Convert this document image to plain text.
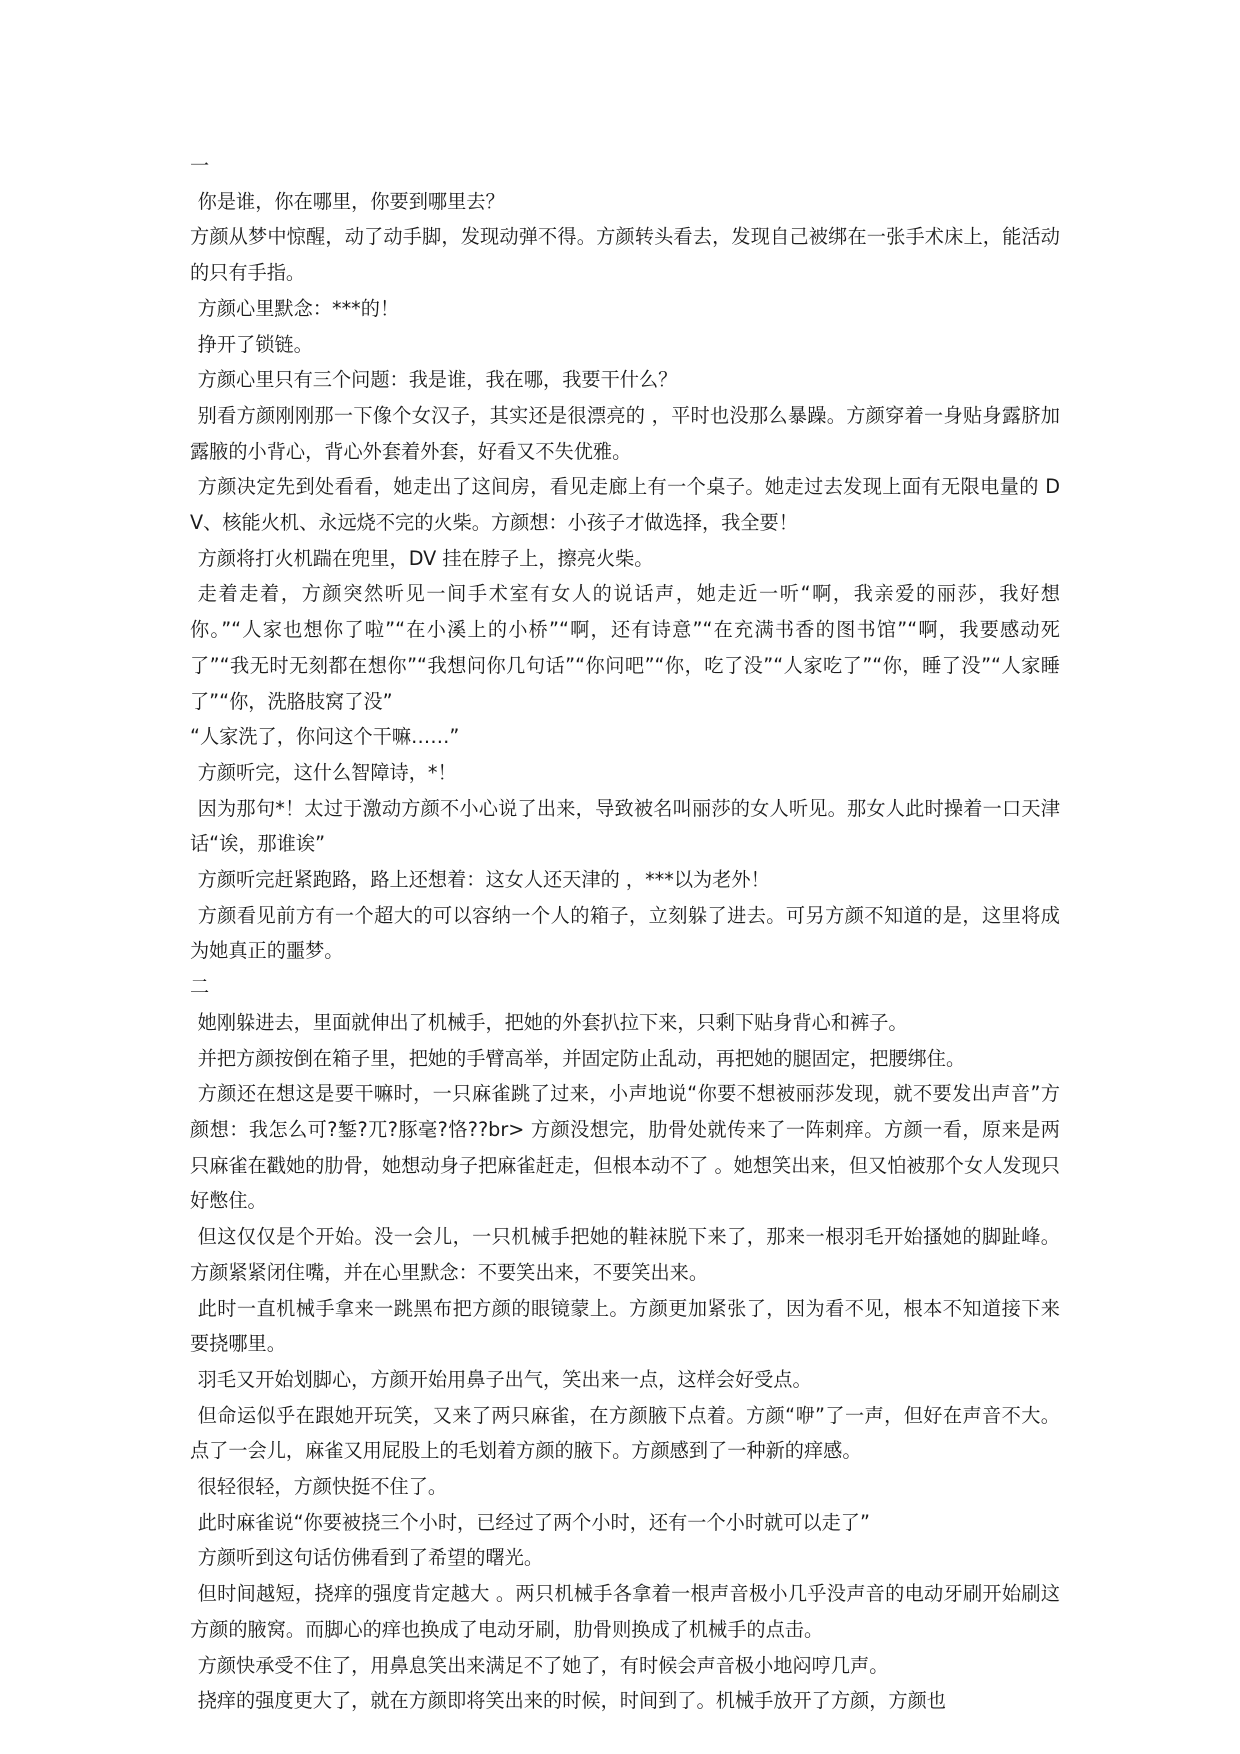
一

你是谁，你在哪里，你要到哪里去？

方颜从梦中惊醒，动了动手脚，发现动弹不得。方颜转头看去，发现自己被绑在一张手术床上，能活动的只有手指。

方颜心里默念：***的！

挣开了锁链。

方颜心里只有三个问题：我是谁，我在哪，我要干什么？

别看方颜刚刚那一下像个女汉子，其实还是很漂亮的 ，平时也没那么暴躁。方颜穿着一身贴身露脐加露腋的小背心，背心外套着外套，好看又不失优雅。

方颜决定先到处看看，她走出了这间房，看见走廊上有一个桌子。她走过去发现上面有无限电量的 DV、核能火机、永远烧不完的火柴。方颜想：小孩子才做选择，我全要！

方颜将打火机踹在兜里，DV 挂在脖子上，擦亮火柴。

走着走着，方颜突然听见一间手术室有女人的说话声，她走近一听“啊，我亲爱的丽莎，我好想你。”“人家也想你了啦”“在小溪上的小桥”“啊，还有诗意”“在充满书香的图书馆”“啊，我要感动死了”“我无时无刻都在想你”“我想问你几句话”“你问吧”“你，吃了没”“人家吃了”“你，睡了没”“人家睡了”“你，洗胳肢窝了没”

“人家洗了，你问这个干嘛……”

方颜听完，这什么智障诗，*！

因为那句*！太过于激动方颜不小心说了出来，导致被名叫丽莎的女人听见。那女人此时操着一口天津话“诶，那谁诶”

方颜听完赶紧跑路，路上还想着：这女人还天津的 ，***以为老外！

方颜看见前方有一个超大的可以容纳一个人的箱子，立刻躲了进去。可另方颜不知道的是，这里将成为她真正的噩梦。

二

她刚躲进去，里面就伸出了机械手，把她的外套扒拉下来，只剩下贴身背心和裤子。

并把方颜按倒在箱子里，把她的手臂高举，并固定防止乱动，再把她的腿固定，把腰绑住。

方颜还在想这是要干嘛时，一只麻雀跳了过来，小声地说“你要不想被丽莎发现，就不要发出声音”方颜想：我怎么可?錾?兀?豚毫?恪??br> 方颜没想完，肋骨处就传来了一阵刺痒。方颜一看，原来是两只麻雀在戳她的肋骨，她想动身子把麻雀赶走，但根本动不了 。她想笑出来，但又怕被那个女人发现只好憋住。

但这仅仅是个开始。没一会儿，一只机械手把她的鞋袜脱下来了，那来一根羽毛开始搔她的脚趾峰。方颜紧紧闭住嘴，并在心里默念：不要笑出来，不要笑出来。

此时一直机械手拿来一跳黑布把方颜的眼镜蒙上。方颜更加紧张了，因为看不见，根本不知道接下来要挠哪里。

羽毛又开始划脚心，方颜开始用鼻子出气，笑出来一点，这样会好受点。

但命运似乎在跟她开玩笑，又来了两只麻雀，在方颜腋下点着。方颜“咿”了一声，但好在声音不大。点了一会儿，麻雀又用屁股上的毛划着方颜的腋下。方颜感到了一种新的痒感。

很轻很轻，方颜快挺不住了。

此时麻雀说“你要被挠三个小时，已经过了两个小时，还有一个小时就可以走了”

方颜听到这句话仿佛看到了希望的曙光。

但时间越短，挠痒的强度肯定越大 。两只机械手各拿着一根声音极小几乎没声音的电动牙刷开始刷这方颜的腋窝。而脚心的痒也换成了电动牙刷，肋骨则换成了机械手的点击。

方颜快承受不住了，用鼻息笑出来满足不了她了，有时候会声音极小地闷哼几声。

挠痒的强度更大了，就在方颜即将笑出来的时候，时间到了。机械手放开了方颜，方颜也
